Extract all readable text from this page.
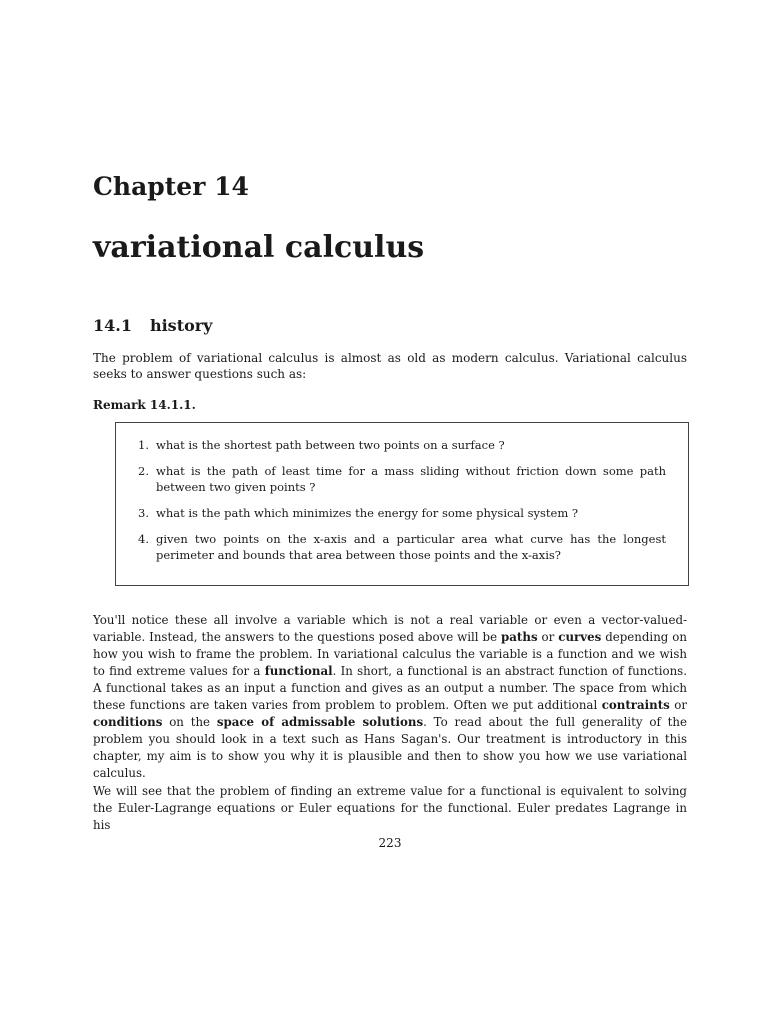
Chapter 14
variational calculus
14.1 history
The problem of variational calculus is almost as old as modern calculus. Variational calculus seeks to answer questions such as:
Remark 14.1.1.
1. what is the shortest path between two points on a surface ?
2. what is the path of least time for a mass sliding without friction down some path between two given points ?
3. what is the path which minimizes the energy for some physical system ?
4. given two points on the x-axis and a particular area what curve has the longest perimeter and bounds that area between those points and the x-axis?
You'll notice these all involve a variable which is not a real variable or even a vector-valued-variable. Instead, the answers to the questions posed above will be paths or curves depending on how you wish to frame the problem. In variational calculus the variable is a function and we wish to find extreme values for a functional. In short, a functional is an abstract function of functions. A functional takes as an input a function and gives as an output a number. The space from which these functions are taken varies from problem to problem. Often we put additional contraints or conditions on the space of admissable solutions. To read about the full generality of the problem you should look in a text such as Hans Sagan's. Our treatment is introductory in this chapter, my aim is to show you why it is plausible and then to show you how we use variational calculus.
We will see that the problem of finding an extreme value for a functional is equivalent to solving the Euler-Lagrange equations or Euler equations for the functional. Euler predates Lagrange in his
223
